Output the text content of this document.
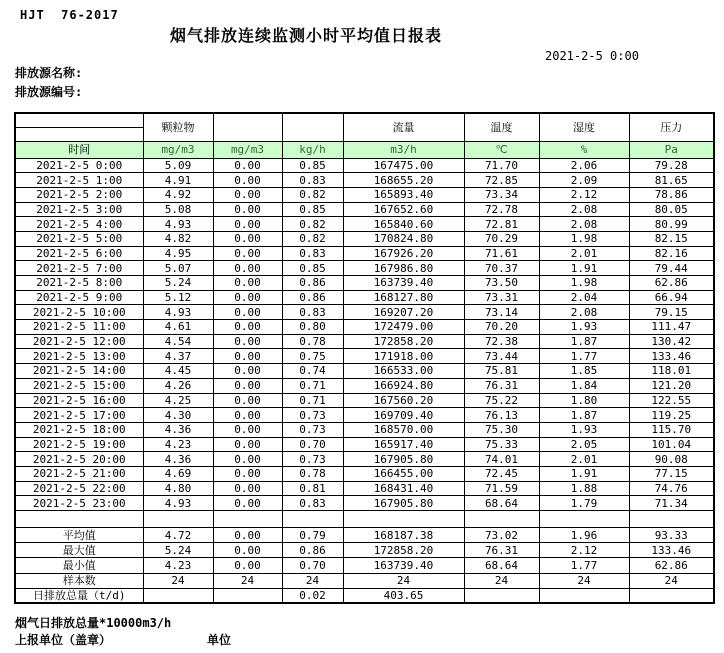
HJT  76-2017
烟气排放连续监测小时平均值日报表
2021-2-5 0:00
排放源名称:
排放源编号:
	颗粒物			流量	温度	湿度	压力
时间	mg/m3	mg/m3	kg/h	m3/h	℃	%	Pa
2021-2-5 0:00	5.09	0.00	0.85	167475.00	71.70	2.06	79.28
2021-2-5 1:00	4.91	0.00	0.83	168655.20	72.85	2.09	81.65
2021-2-5 2:00	4.92	0.00	0.82	165893.40	73.34	2.12	78.86
2021-2-5 3:00	5.08	0.00	0.85	167652.60	72.78	2.08	80.05
2021-2-5 4:00	4.93	0.00	0.82	165840.60	72.81	2.08	80.99
2021-2-5 5:00	4.82	0.00	0.82	170824.80	70.29	1.98	82.15
2021-2-5 6:00	4.95	0.00	0.83	167926.20	71.61	2.01	82.16
2021-2-5 7:00	5.07	0.00	0.85	167986.80	70.37	1.91	79.44
2021-2-5 8:00	5.24	0.00	0.86	163739.40	73.50	1.98	62.86
2021-2-5 9:00	5.12	0.00	0.86	168127.80	73.31	2.04	66.94
2021-2-5 10:00	4.93	0.00	0.83	169207.20	73.14	2.08	79.15
2021-2-5 11:00	4.61	0.00	0.80	172479.00	70.20	1.93	111.47
2021-2-5 12:00	4.54	0.00	0.78	172858.20	72.38	1.87	130.42
2021-2-5 13:00	4.37	0.00	0.75	171918.00	73.44	1.77	133.46
2021-2-5 14:00	4.45	0.00	0.74	166533.00	75.81	1.85	118.01
2021-2-5 15:00	4.26	0.00	0.71	166924.80	76.31	1.84	121.20
2021-2-5 16:00	4.25	0.00	0.71	167560.20	75.22	1.80	122.55
2021-2-5 17:00	4.30	0.00	0.73	169709.40	76.13	1.87	119.25
2021-2-5 18:00	4.36	0.00	0.73	168570.00	75.30	1.93	115.70
2021-2-5 19:00	4.23	0.00	0.70	165917.40	75.33	2.05	101.04
2021-2-5 20:00	4.36	0.00	0.73	167905.80	74.01	2.01	90.08
2021-2-5 21:00	4.69	0.00	0.78	166455.00	72.45	1.91	77.15
2021-2-5 22:00	4.80	0.00	0.81	168431.40	71.59	1.88	74.76
2021-2-5 23:00	4.93	0.00	0.83	167905.80	68.64	1.79	71.34

平均值	4.72	0.00	0.79	168187.38	73.02	1.96	93.33
最大值	5.24	0.00	0.86	172858.20	76.31	2.12	133.46
最小值	4.23	0.00	0.70	163739.40	68.64	1.77	62.86
样本数	24	24	24	24	24	24	24
日排放总量（t/d)			0.02	403.65			
烟气日排放总量*10000m3/h
上报单位（盖章）	单位
